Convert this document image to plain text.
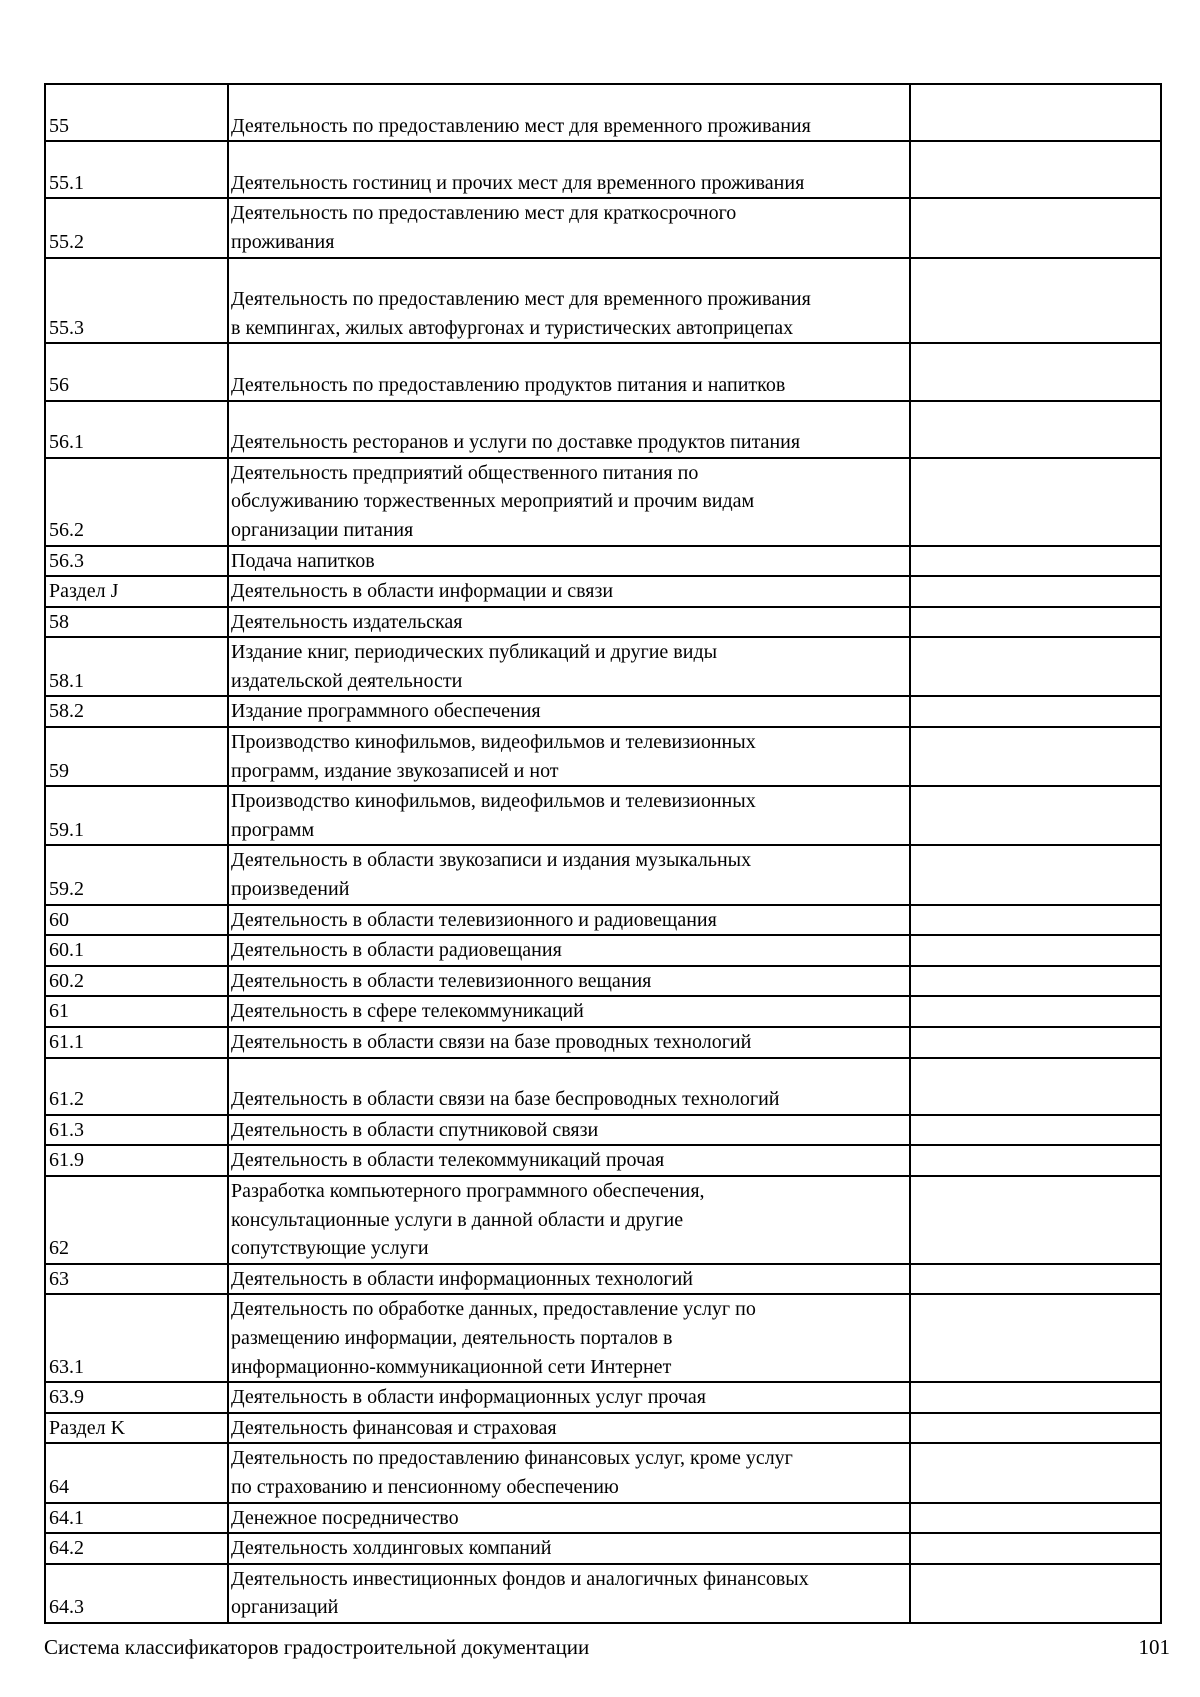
55	Деятельность по предоставлению мест для временного проживания	
55.1	Деятельность гостиниц и прочих мест для временного проживания	
55.2	Деятельность по предоставлению мест для краткосрочного
проживания	
55.3	Деятельность по предоставлению мест для временного проживания
в кемпингах, жилых автофургонах и туристических автоприцепах	
56	Деятельность по предоставлению продуктов питания и напитков	
56.1	Деятельность ресторанов и услуги по доставке продуктов питания	
56.2	Деятельность предприятий общественного питания по
обслуживанию торжественных мероприятий и прочим видам
организации питания	
56.3	Подача напитков	
Раздел J	Деятельность в области информации и связи	
58	Деятельность издательская	
58.1	Издание книг, периодических публикаций и другие виды
издательской деятельности	
58.2	Издание программного обеспечения	
59	Производство кинофильмов, видеофильмов и телевизионных
программ, издание звукозаписей и нот	
59.1	Производство кинофильмов, видеофильмов и телевизионных
программ	
59.2	Деятельность в области звукозаписи и издания музыкальных
произведений	
60	Деятельность в области телевизионного и радиовещания	
60.1	Деятельность в области радиовещания	
60.2	Деятельность в области телевизионного вещания	
61	Деятельность в сфере телекоммуникаций	
61.1	Деятельность в области связи на базе проводных технологий	
61.2	Деятельность в области связи на базе беспроводных технологий	
61.3	Деятельность в области спутниковой связи	
61.9	Деятельность в области телекоммуникаций прочая	
62	Разработка компьютерного программного обеспечения,
консультационные услуги в данной области и другие
сопутствующие услуги	
63	Деятельность в области информационных технологий	
63.1	Деятельность по обработке данных, предоставление услуг по
размещению информации, деятельность порталов в
информационно-коммуникационной сети Интернет	
63.9	Деятельность в области информационных услуг прочая	
Раздел K	Деятельность финансовая и страховая	
64	Деятельность по предоставлению финансовых услуг, кроме услуг
по страхованию и пенсионному обеспечению	
64.1	Денежное посредничество	
64.2	Деятельность холдинговых компаний	
64.3	Деятельность инвестиционных фондов и аналогичных финансовых
организаций	
Система классификаторов градостроительной документации	101
